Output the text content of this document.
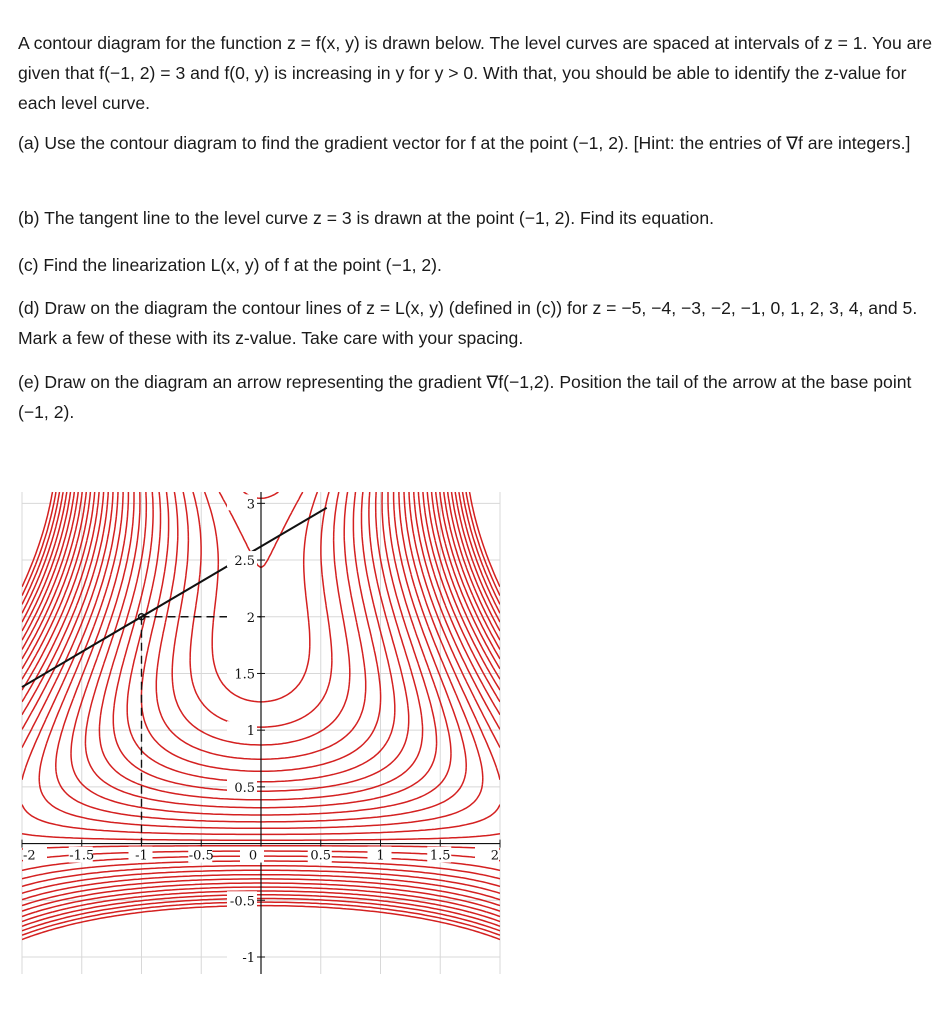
A contour diagram for the function z = f(x, y) is drawn below. The level curves are spaced at intervals of z = 1. You are given that f(−1, 2) = 3 and f(0, y) is increasing in y for y > 0. With that, you should be able to identify the z-value for each level curve.

(a) Use the contour diagram to find the gradient vector for f at the point (−1, 2). [Hint: the entries of ∇f are integers.]

(b) The tangent line to the level curve z = 3 is drawn at the point (−1, 2). Find its equation.

(c) Find the linearization L(x, y) of f at the point (−1, 2).

(d) Draw on the diagram the contour lines of z = L(x, y) (defined in (c)) for z = −5, −4, −3, −2, −1, 0, 1, 2, 3, 4, and 5. Mark a few of these with its z-value. Take care with your spacing.

(e) Draw on the diagram an arrow representing the gradient ∇f(−1,2). Position the tail of the arrow at the base point (−1, 2).

-2	-1.5	-1	-0.5	0	0.5	1	1.5	2
3
2.5
2
1.5
1
0.5
-0.5
-1
